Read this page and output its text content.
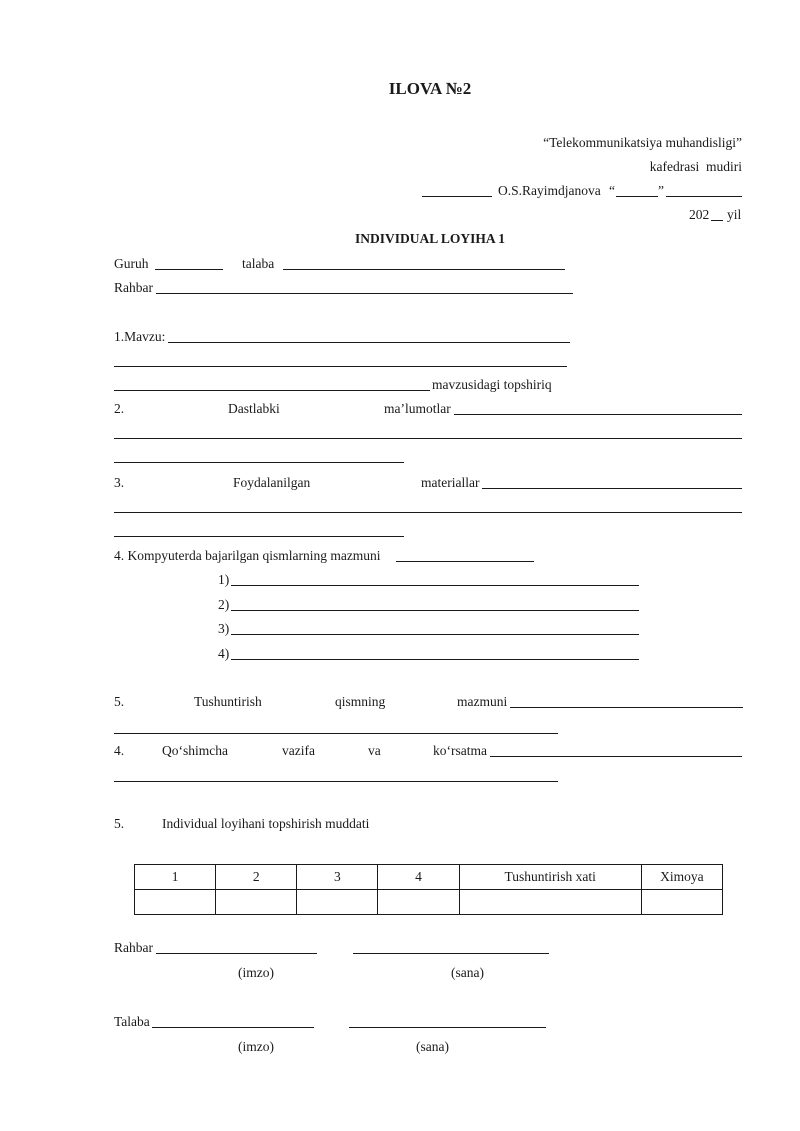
ILOVA №2
“Telekommunikatsiya muhandisligi”
kafedrasi  mudiri
O.S.Rayimdjanova “	”
202 yil
INDIVIDUAL LOYIHA 1
Guruh	talaba
Rahbar
1.Mavzu:
mavzusidagi topshiriq
2.	Dastlabki	ma’lumotlar
3.	Foydalanilgan	materiallar
4. Kompyuterda bajarilgan qismlarning mazmuni
1)
2)
3)
4)
5.	Tushuntirish	qismning	mazmuni
4.	Qo‘shimcha	vazifa	va	ko‘rsatma
5.	Individual loyihani topshirish muddati
1	2	3	4	Tushuntirish xati	Ximoya

Rahbar
(imzo)	(sana)
Talaba
(imzo)	(sana)
